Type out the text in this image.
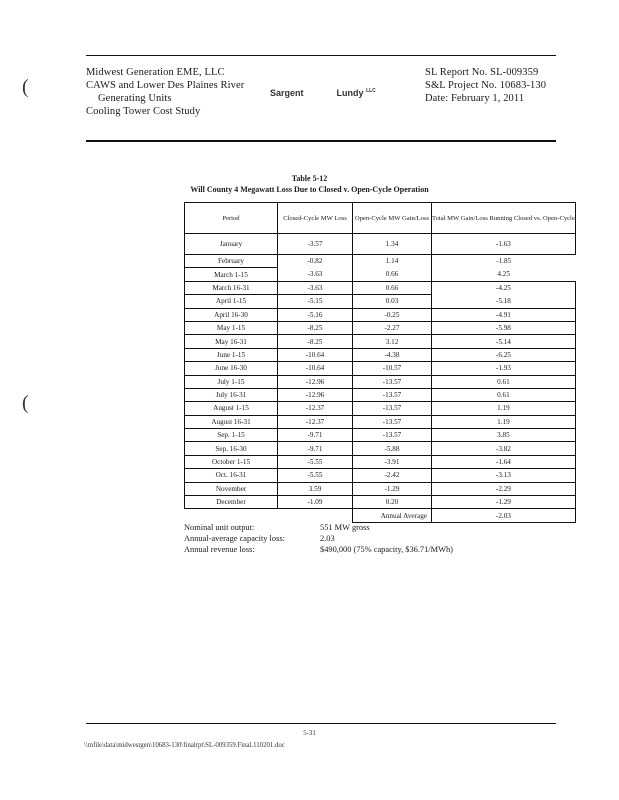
(
(
Midwest Generation EME, LLC
CAWS and Lower Des Plaines River
Generating Units
Cooling Tower Cost Study
Sargent	Lundy $^{LLC}$
SL Report No. SL-009359
S&L Project No. 10683-130
Date: February 1, 2011
Table 5-12
Will County 4 Megawatt Loss Due to Closed v. Open-Cycle Operation
Period	Closed-Cycle MW Loss	Open-Cycle MW Gain/Loss	Total MW Gain/Loss Running Closed vs. Open-Cycle
January	-3.57	1.34	-1.63
February	-0.82	1.14	-1.85
March 1-15	-3.63	0.66	4.25
March 16-31	-3.63	0.66	-4.25
April 1-15	-5.15	0.03	-5.18
April 16-30	-5.16	-0.25	-4.91
May 1-15	-8.25	-2.27	-5.98
May 16-31	-8.25	3.12	-5.14
June 1-15	-10.64	-4.38	-6.25
June 16-30	-10.64	-10.57	-1.93
July 1-15	-12.96	-13.57	0.61
July 16-31	-12.96	-13.57	0.61
August 1-15	-12.37	-13.57	1.19
August 16-31	-12.37	-13.57	1.19
Sep. 1-15	-9.71	-13.57	3.85
Sep. 16-30	-9.71	-5.88	-3.82
October 1-15	-5.55	-3.91	-1.64
Oct. 16-31	-5.55	-2.42	-3.13
November	3.59	-1.29	-2.29
December	-1.09	0.20	-1.29
		Annual Average	-2.03
Nominal unit output:	551 MW gross
Annual-average capacity loss:	2.03
Annual revenue loss:	$490,000 (75% capacity, $36.71/MWh)
5-31
\\mfile\data\midwestgen\10683-130\finalrpt\SL-009359.Final.110201.doc
